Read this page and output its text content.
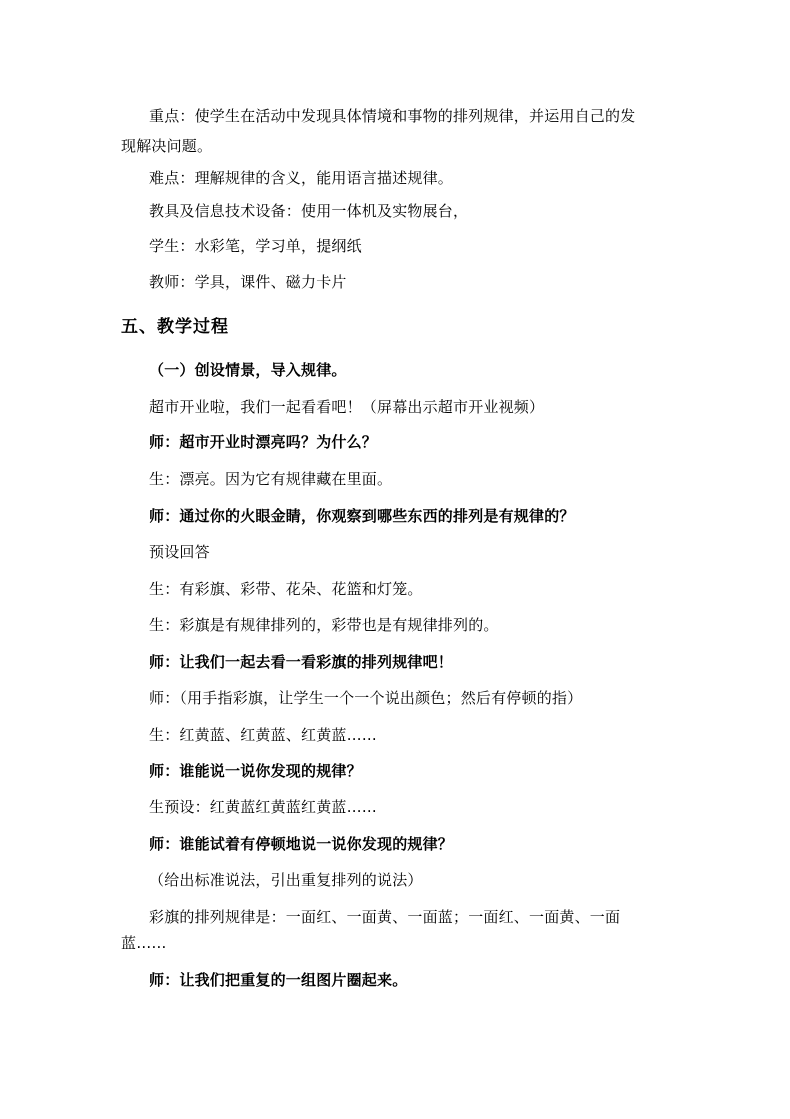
重点：使学生在活动中发现具体情境和事物的排列规律，并运用自己的发
现解决问题。
难点：理解规律的含义，能用语言描述规律。
教具及信息技术设备：使用一体机及实物展台，
学生：水彩笔，学习单，提纲纸
教师：学具，课件、磁力卡片
五、教学过程
（一）创设情景，导入规律。
超市开业啦，我们一起看看吧！（屏幕出示超市开业视频）
师：超市开业时漂亮吗？为什么？
生：漂亮。因为它有规律藏在里面。
师：通过你的火眼金睛，你观察到哪些东西的排列是有规律的？
预设回答
生：有彩旗、彩带、花朵、花篮和灯笼。
生：彩旗是有规律排列的，彩带也是有规律排列的。
师：让我们一起去看一看彩旗的排列规律吧！
师：（用手指彩旗，让学生一个一个说出颜色；然后有停顿的指）
生：红黄蓝、红黄蓝、红黄蓝……
师：谁能说一说你发现的规律？
生预设：红黄蓝红黄蓝红黄蓝……
师：谁能试着有停顿地说一说你发现的规律？
（给出标准说法，引出重复排列的说法）
彩旗的排列规律是：一面红、一面黄、一面蓝；一面红、一面黄、一面
蓝……
师：让我们把重复的一组图片圈起来。
